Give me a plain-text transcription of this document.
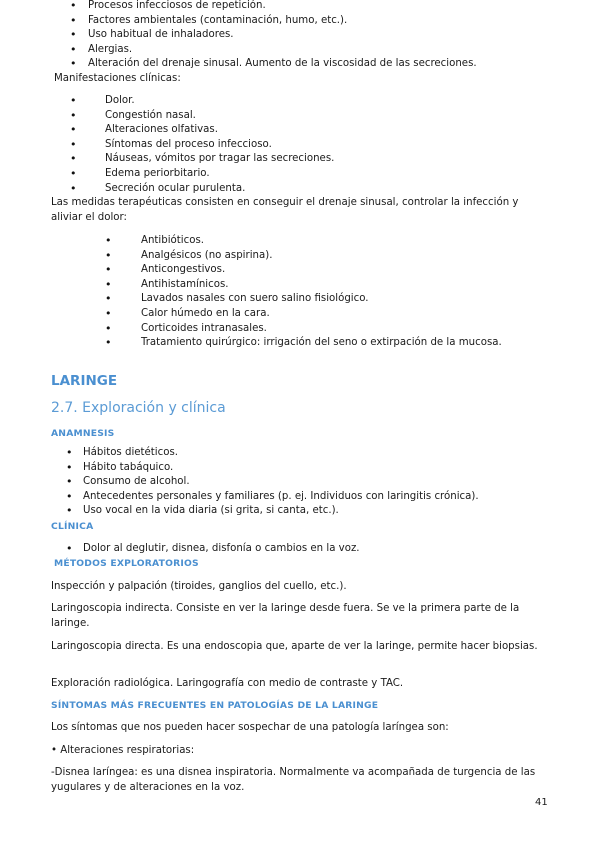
• Procesos infecciosos de repetición.
• Factores ambientales (contaminación, humo, etc.).
• Uso habitual de inhaladores.
• Alergias.
• Alteración del drenaje sinusal. Aumento de la viscosidad de las secreciones.
Manifestaciones clínicas:
• Dolor.
• Congestión nasal.
• Alteraciones olfativas.
• Síntomas del proceso infeccioso.
• Náuseas, vómitos por tragar las secreciones.
• Edema periorbitario.
• Secreción ocular purulenta.
Las medidas terapéuticas consisten en conseguir el drenaje sinusal, controlar la infección y aliviar el dolor:
• Antibióticos.
• Analgésicos (no aspirina).
• Anticongestivos.
• Antihistamínicos.
• Lavados nasales con suero salino fisiológico.
• Calor húmedo en la cara.
• Corticoides intranasales.
• Tratamiento quirúrgico: irrigación del seno o extirpación de la mucosa.
LARINGE
2.7. Exploración y clínica
ANAMNESIS
• Hábitos dietéticos.
• Hábito tabáquico.
• Consumo de alcohol.
• Antecedentes personales y familiares (p. ej. Individuos con laringitis crónica).
• Uso vocal en la vida diaria (si grita, si canta, etc.).
CLÍNICA
• Dolor al deglutir, disnea, disfonía o cambios en la voz.
MÉTODOS EXPLORATORIOS
Inspección y palpación (tiroides, ganglios del cuello, etc.).
Laringoscopia indirecta. Consiste en ver la laringe desde fuera. Se ve la primera parte de la laringe.
Laringoscopia directa. Es una endoscopia que, aparte de ver la laringe, permite hacer biopsias.
Exploración radiológica. Laringografía con medio de contraste y TAC.
SÍNTOMAS MÁS FRECUENTES EN PATOLOGÍAS DE LA LARINGE
Los síntomas que nos pueden hacer sospechar de una patología laríngea son:
• Alteraciones respiratorias:
-Disnea laríngea: es una disnea inspiratoria. Normalmente va acompañada de turgencia de las yugulares y de alteraciones en la voz.
41
